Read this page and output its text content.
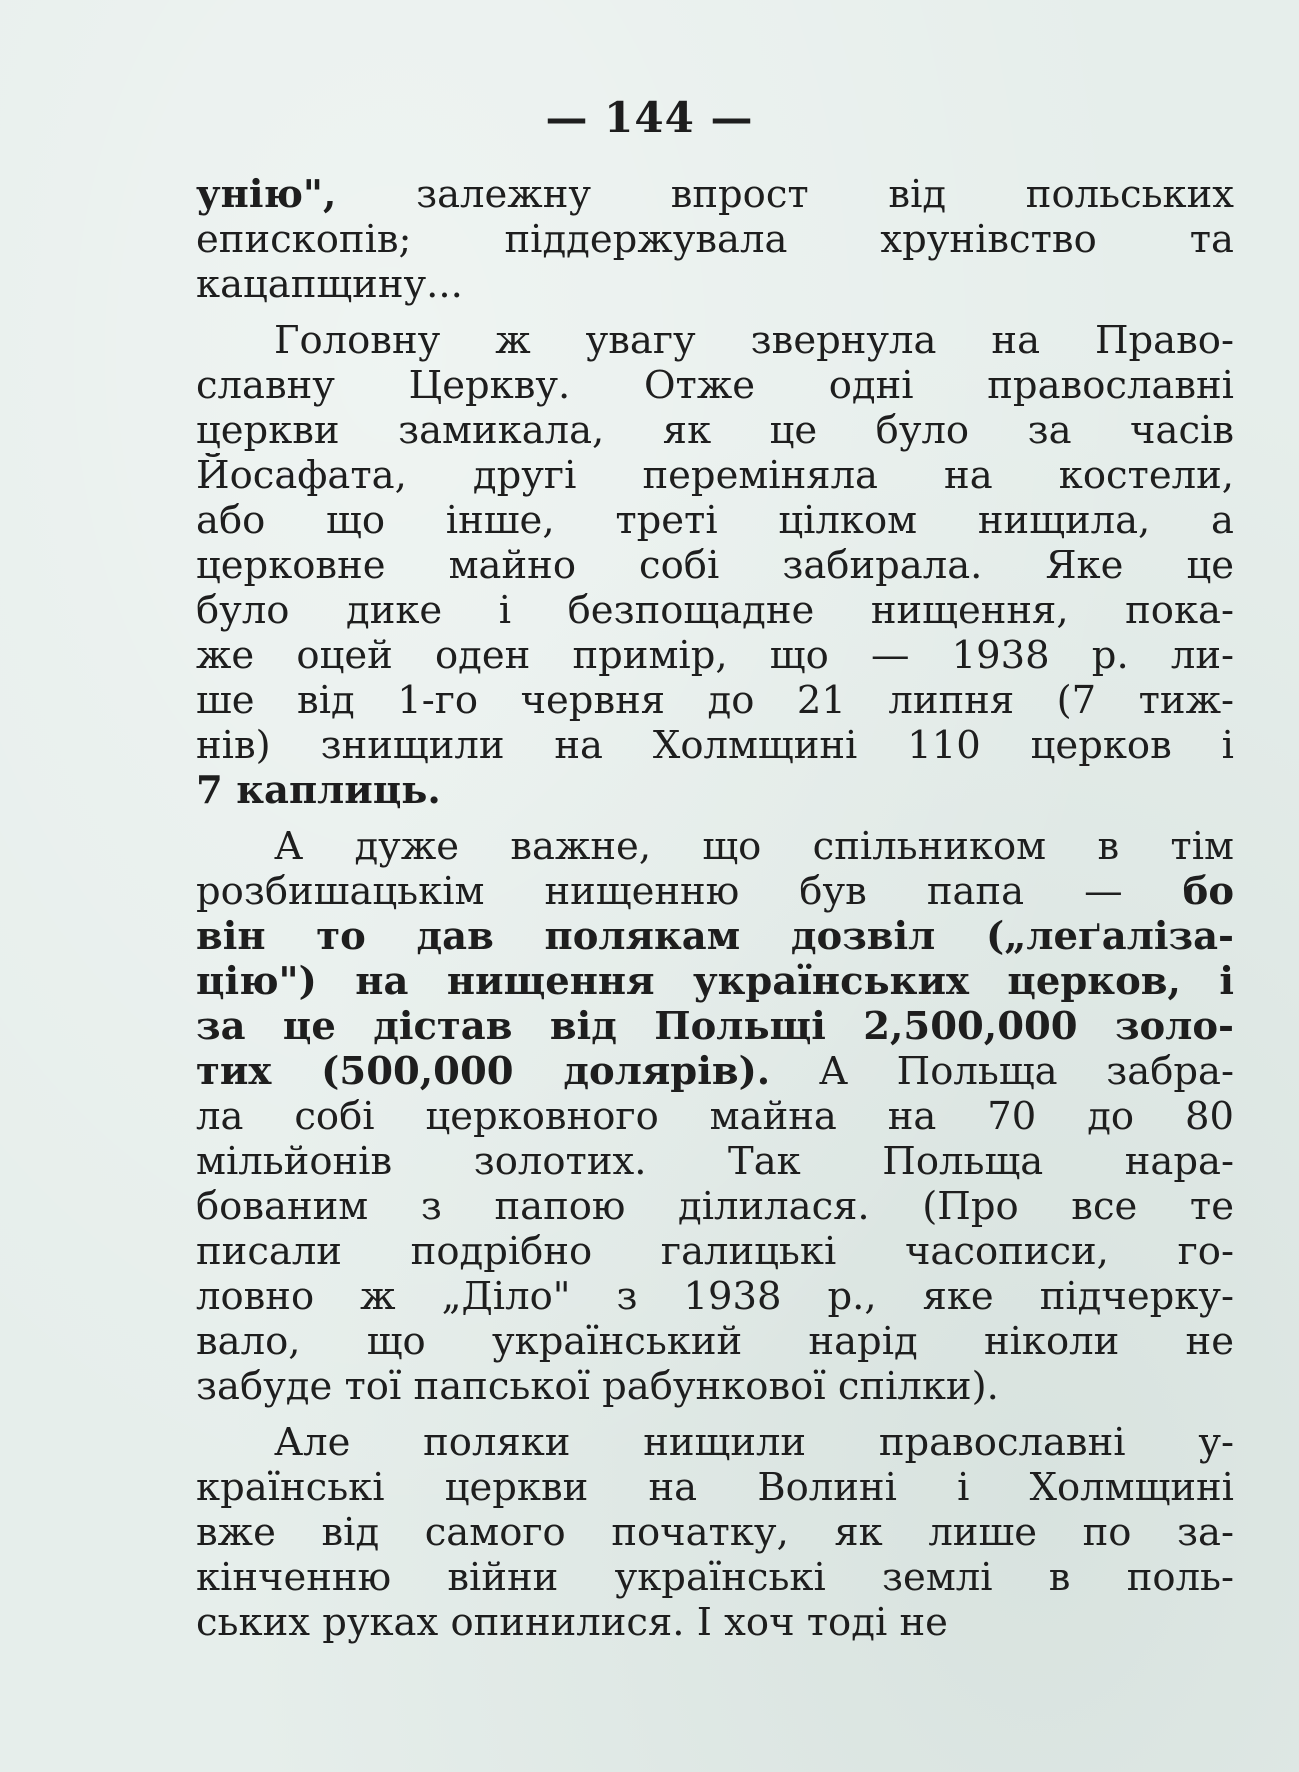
— 144 —
унію", залежну впрост від польських
епископів; піддержувала хрунівство та
кацапщину...
Головну ж увагу звернула на Право-
славну Церкву. Отже одні православні
церкви замикала, як це було за часів
Йосафата, другі переміняла на костели,
або що інше, треті цілком нищила, а
церковне майно собі забирала. Яке це
було дике і безпощадне нищення, пока-
же оцей оден примір, що — 1938 р. ли-
ше від 1-го червня до 21 липня (7 тиж-
нів) знищили на Холмщині 110 церков і
7 каплиць.
А дуже важне, що спільником в тім
розбишацькім нищенню був папа — бо
він то дав полякам дозвіл („леґаліза-
цію") на нищення українських церков, і
за це дістав від Польщі 2,500,000 золо-
тих (500,000 долярів). А Польща забра-
ла собі церковного майна на 70 до 80
мільйонів золотих. Так Польща нара-
бованим з папою ділилася. (Про все те
писали подрібно галицькі часописи, го-
ловно ж „Діло" з 1938 р., яке підчерку-
вало, що український нарід ніколи не
забуде тої папської рабункової спілки).
Але поляки нищили православні у-
країнські церкви на Волині і Холмщині
вже від самого початку, як лише по за-
кінченню війни українські землі в поль-
ських руках опинилися. І хоч тоді не
